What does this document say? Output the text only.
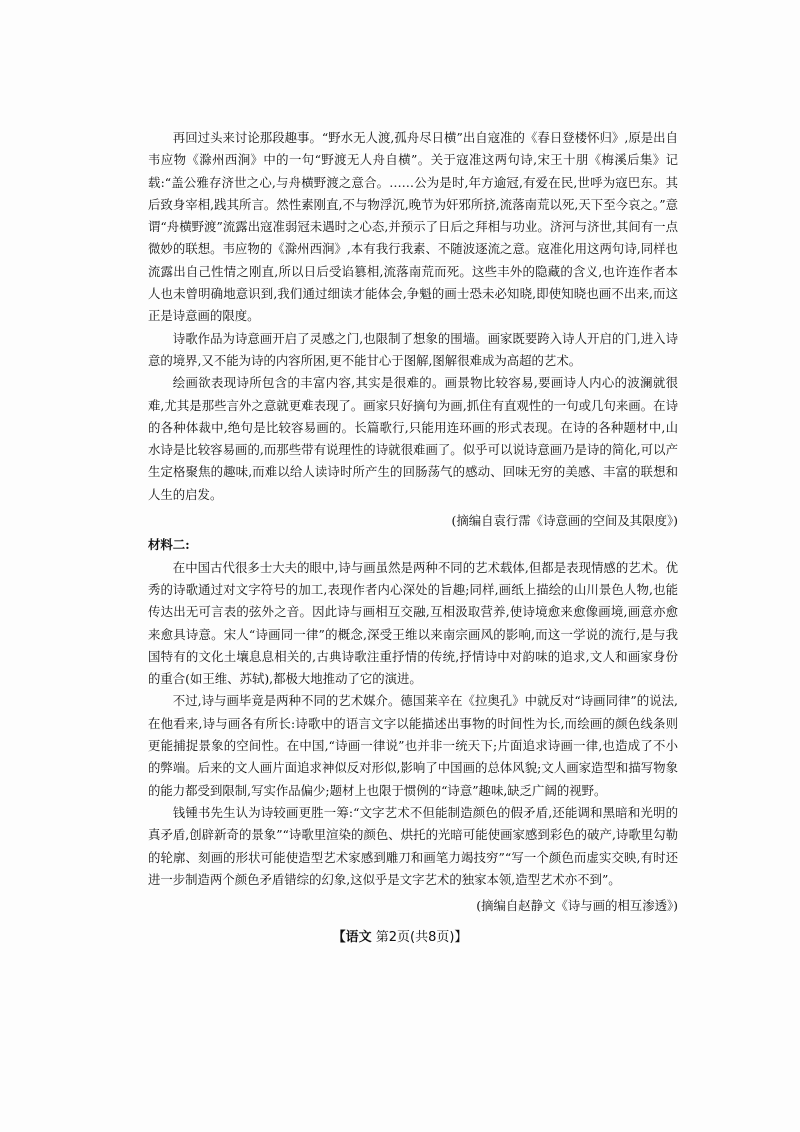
再回过头来讨论那段趣事。“野水无人渡,孤舟尽日横”出自寇准的《春日登楼怀归》,原是出自韦应物《滁州西涧》中的一句“野渡无人舟自横”。关于寇准这两句诗,宋王十朋《梅溪后集》记载:“盖公雅存济世之心,与舟横野渡之意合。……公为是时,年方逾冠,有爱在民,世呼为寇巴东。其后致身宰相,践其所言。然性素刚直,不与物浮沉,晚节为奸邪所挤,流落南荒以死,天下至今哀之。”意谓“舟横野渡”流露出寇准弱冠未遇时之心态,并预示了日后之拜相与功业。济河与济世,其间有一点微妙的联想。韦应物的《滁州西涧》,本有我行我素、不随波逐流之意。寇准化用这两句诗,同样也流露出自己性情之刚直,所以日后受谄篡相,流落南荒而死。这些丰外的隐藏的含义,也许连作者本人也未曾明确地意识到,我们通过细读才能体会,争魁的画士恐未必知晓,即使知晓也画不出来,而这正是诗意画的限度。

诗歌作品为诗意画开启了灵感之门,也限制了想象的围墙。画家既要跨入诗人开启的门,进入诗意的境界,又不能为诗的内容所困,更不能甘心于图解,图解很难成为高超的艺术。

绘画欲表现诗所包含的丰富内容,其实是很难的。画景物比较容易,要画诗人内心的波澜就很难,尤其是那些言外之意就更难表现了。画家只好摘句为画,抓住有直观性的一句或几句来画。在诗的各种体裁中,绝句是比较容易画的。长篇歌行,只能用连环画的形式表现。在诗的各种题材中,山水诗是比较容易画的,而那些带有说理性的诗就很难画了。似乎可以说诗意画乃是诗的简化,可以产生定格聚焦的趣味,而难以给人读诗时所产生的回肠荡气的感动、回味无穷的美感、丰富的联想和人生的启发。

(摘编自袁行霈《诗意画的空间及其限度》)
材料二:

在中国古代很多士大夫的眼中,诗与画虽然是两种不同的艺术载体,但都是表现情感的艺术。优秀的诗歌通过对文字符号的加工,表现作者内心深处的旨趣;同样,画纸上描绘的山川景色人物,也能传达出无可言表的弦外之音。因此诗与画相互交融,互相汲取营养,使诗境愈来愈像画境,画意亦愈来愈具诗意。宋人“诗画同一律”的概念,深受王维以来南宗画风的影响,而这一学说的流行,是与我国特有的文化土壤息息相关的,古典诗歌注重抒情的传统,抒情诗中对韵味的追求,文人和画家身份的重合(如王维、苏轼),都极大地推动了它的演进。

不过,诗与画毕竟是两种不同的艺术媒介。德国莱辛在《拉奥孔》中就反对“诗画同律”的说法,在他看来,诗与画各有所长:诗歌中的语言文字以能描述出事物的时间性为长,而绘画的颜色线条则更能捕捉景象的空间性。在中国,“诗画一律说”也并非一统天下;片面追求诗画一律,也造成了不小的弊端。后来的文人画片面追求神似反对形似,影响了中国画的总体风貌;文人画家造型和描写物象的能力都受到限制,写实作品偏少;题材上也限于惯例的“诗意”趣味,缺乏广阔的视野。

钱锺书先生认为诗较画更胜一筹:“文字艺术不但能制造颜色的假矛盾,还能调和黑暗和光明的真矛盾,创辟新奇的景象”“诗歌里渲染的颜色、烘托的光暗可能使画家感到彩色的破产,诗歌里勾勒的轮廓、刻画的形状可能使造型艺术家感到雕刀和画笔力竭技穷”“写一个颜色而虚实交映,有时还进一步制造两个颜色矛盾错综的幻象,这似乎是文字艺术的独家本领,造型艺术亦不到”。

(摘编自赵静文《诗与画的相互渗透》)
【语文 第2页(共8页)】
